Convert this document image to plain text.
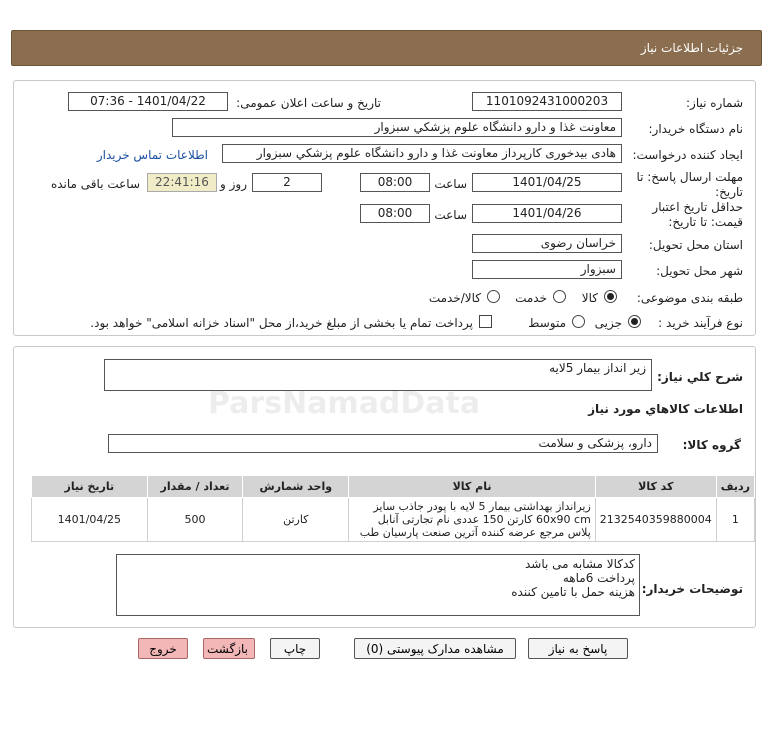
جزئیات اطلاعات نیاز
شماره نیاز:
1101092431000203
تاریخ و ساعت اعلان عمومی:
1401/04/22 - 07:36
نام دستگاه خریدار:
معاونت غذا و دارو دانشگاه علوم پزشکي سبزوار
ایجاد کننده درخواست:
هادی بیدخوری کارپرداز معاونت غذا و دارو دانشگاه علوم پزشکي سبزوار
اطلاعات تماس خریدار
مهلت ارسال پاسخ: تا
تاریخ:
1401/04/25
ساعت
08:00
2
روز و
22:41:16
ساعت باقی مانده
حداقل تاریخ اعتبار
قیمت: تا تاریخ:
1401/04/26
ساعت
08:00
استان محل تحویل:
خراسان رضوی
شهر محل تحویل:
سبزوار
طبقه بندی موضوعی:
کالا
خدمت
کالا/خدمت
نوع فرآیند خرید :
جزیی
متوسط
پرداخت تمام یا بخشی از مبلغ خرید،از محل "اسناد خزانه اسلامی" خواهد بود.
شرح کلي نياز:
زیر انداز بیمار 5لایه
اطلاعات کالاهاي مورد نياز
گروه کالا:
دارو، پزشکی و سلامت
ردیف	کد کالا	نام کالا	واحد شمارش	تعداد / مقدار	تاریخ نیاز
1	2132540359880004	زیرانداز بهداشتی بیمار 5 لایه با پودر جاذب سایز 60x90 cm کارتن 150 عددی نام تجارتی آنابل پلاس مرجع عرضه کننده آترین صنعت پارسیان طب	کارتن	500	1401/04/25
توضیحات خریدار:
کدکالا مشابه می باشد
پرداخت 6ماهه
هزینه حمل با تامین کننده
پاسخ به نیاز
مشاهده مدارک پیوستی (0)
چاپ
بازگشت
خروج
